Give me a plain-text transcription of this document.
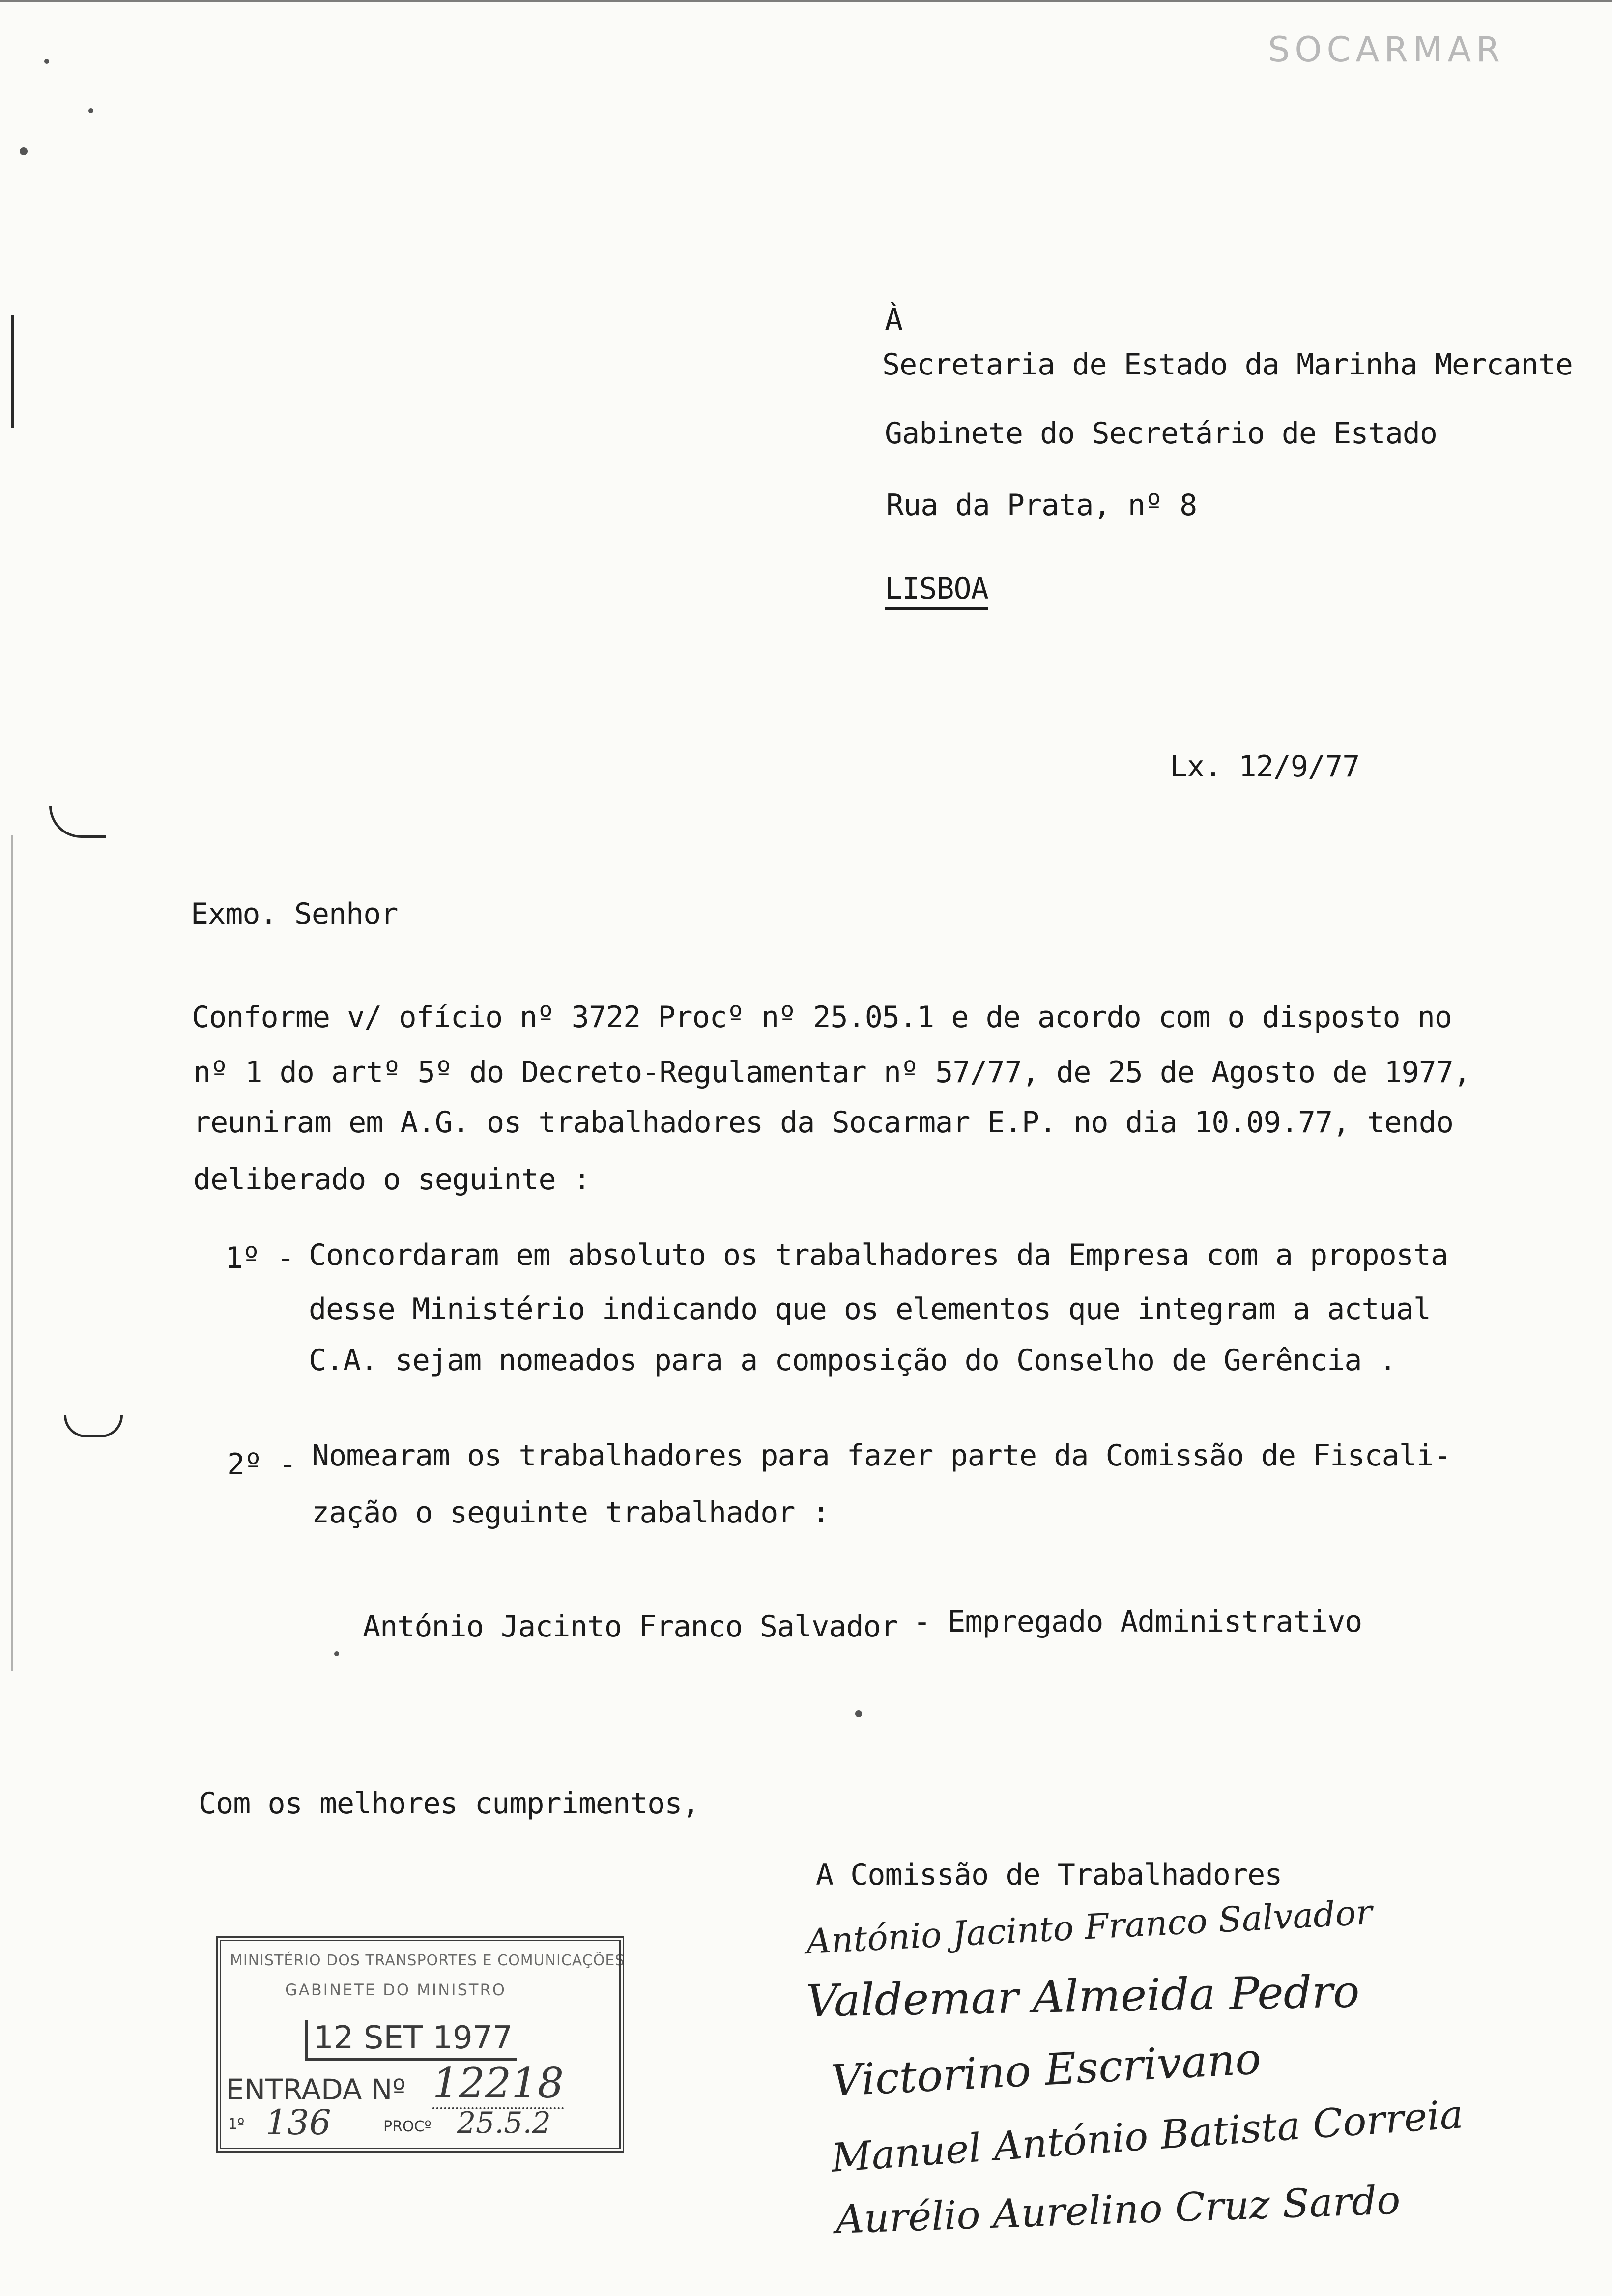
SOCARMAR
À
Secretaria de Estado da Marinha Mercante
Gabinete do Secretário de Estado
Rua da Prata, nº 8
LISBOA
Lx. 12/9/77
Exmo. Senhor
Conforme v/ ofício nº 3722 Procº nº 25.05.1 e de acordo com o disposto no
nº 1 do artº 5º do Decreto-Regulamentar nº 57/77, de 25 de Agosto de 1977,
reuniram em A.G. os trabalhadores da Socarmar E.P. no dia 10.09.77, tendo
deliberado o seguinte :
1º - Concordaram em absoluto os trabalhadores da Empresa com a proposta
desse Ministério indicando que os elementos que integram a actual
C.A. sejam nomeados para a composição do Conselho de Gerência .
2º - Nomearam os trabalhadores para fazer parte da Comissão de Fiscali-
zação o seguinte trabalhador :
António Jacinto Franco Salvador - Empregado Administrativo
Com os melhores cumprimentos,
A Comissão de Trabalhadores
António Jacinto Franco Salvador
Valdemar Almeida Pedro
Victorino Escrivano
Manuel António Batista Correia
Aurélio Aurelino Cruz Sardo
MINISTÉRIO DOS TRANSPORTES E COMUNICAÇÕES
GABINETE DO MINISTRO
12 SET 1977
ENTRADA Nº 12218
1º 136	PROCº 25.5.2
